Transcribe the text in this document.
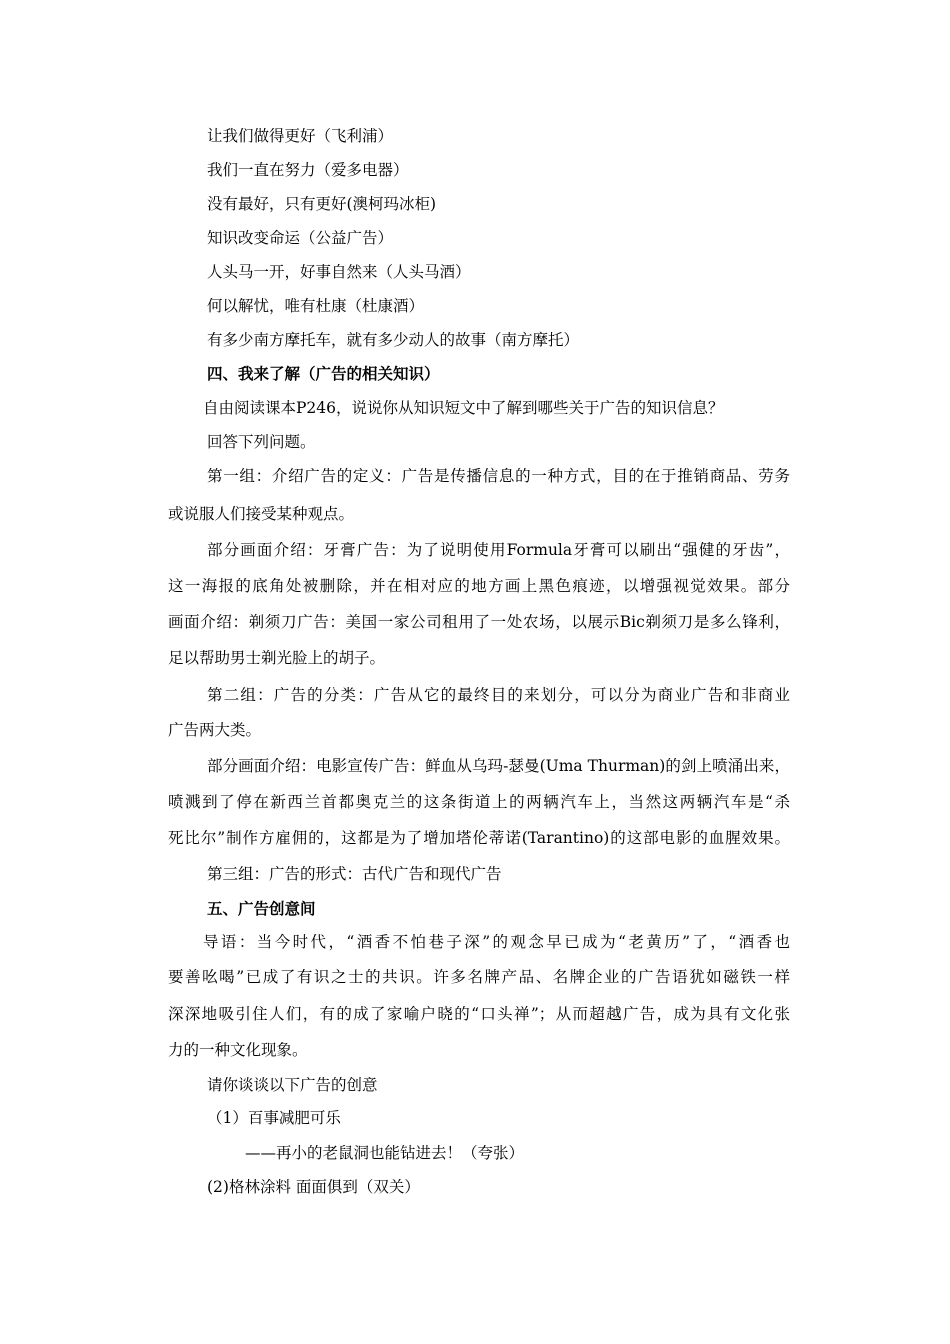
让我们做得更好（飞利浦）
我们一直在努力（爱多电器）
没有最好，只有更好(澳柯玛冰柜)
知识改变命运（公益广告）
人头马一开，好事自然来（人头马酒）
何以解忧，唯有杜康（杜康酒）
有多少南方摩托车，就有多少动人的故事（南方摩托）
四、我来了解（广告的相关知识）
自由阅读课本P246，说说你从知识短文中了解到哪些关于广告的知识信息？
回答下列问题。
第一组：介绍广告的定义：广告是传播信息的一种方式，目的在于推销商品、劳务
或说服人们接受某种观点。
部分画面介绍：牙膏广告：为了说明使用Formula牙膏可以刷出“强健的牙齿”，
这一海报的底角处被删除，并在相对应的地方画上黑色痕迹，以增强视觉效果。部分
画面介绍：剃须刀广告：美国一家公司租用了一处农场，以展示Bic剃须刀是多么锋利，
足以帮助男士剃光脸上的胡子。
第二组：广告的分类：广告从它的最终目的来划分，可以分为商业广告和非商业
广告两大类。
部分画面介绍：电影宣传广告：鲜血从乌玛-瑟曼(Uma Thurman)的剑上喷涌出来，
喷溅到了停在新西兰首都奥克兰的这条街道上的两辆汽车上，当然这两辆汽车是“杀
死比尔”制作方雇佣的，这都是为了增加塔伦蒂诺(Tarantino)的这部电影的血腥效果。
第三组：广告的形式：古代广告和现代广告
五、广告创意间
导语：当今时代，“酒香不怕巷子深”的观念早已成为“老黄历”了，“酒香也
要善吆喝”已成了有识之士的共识。许多名牌产品、名牌企业的广告语犹如磁铁一样
深深地吸引住人们，有的成了家喻户晓的“口头禅”；从而超越广告，成为具有文化张
力的一种文化现象。
请你谈谈以下广告的创意
（1）百事减肥可乐
——再小的老鼠洞也能钻进去！（夸张）
(2)格林涂料 面面俱到（双关）
